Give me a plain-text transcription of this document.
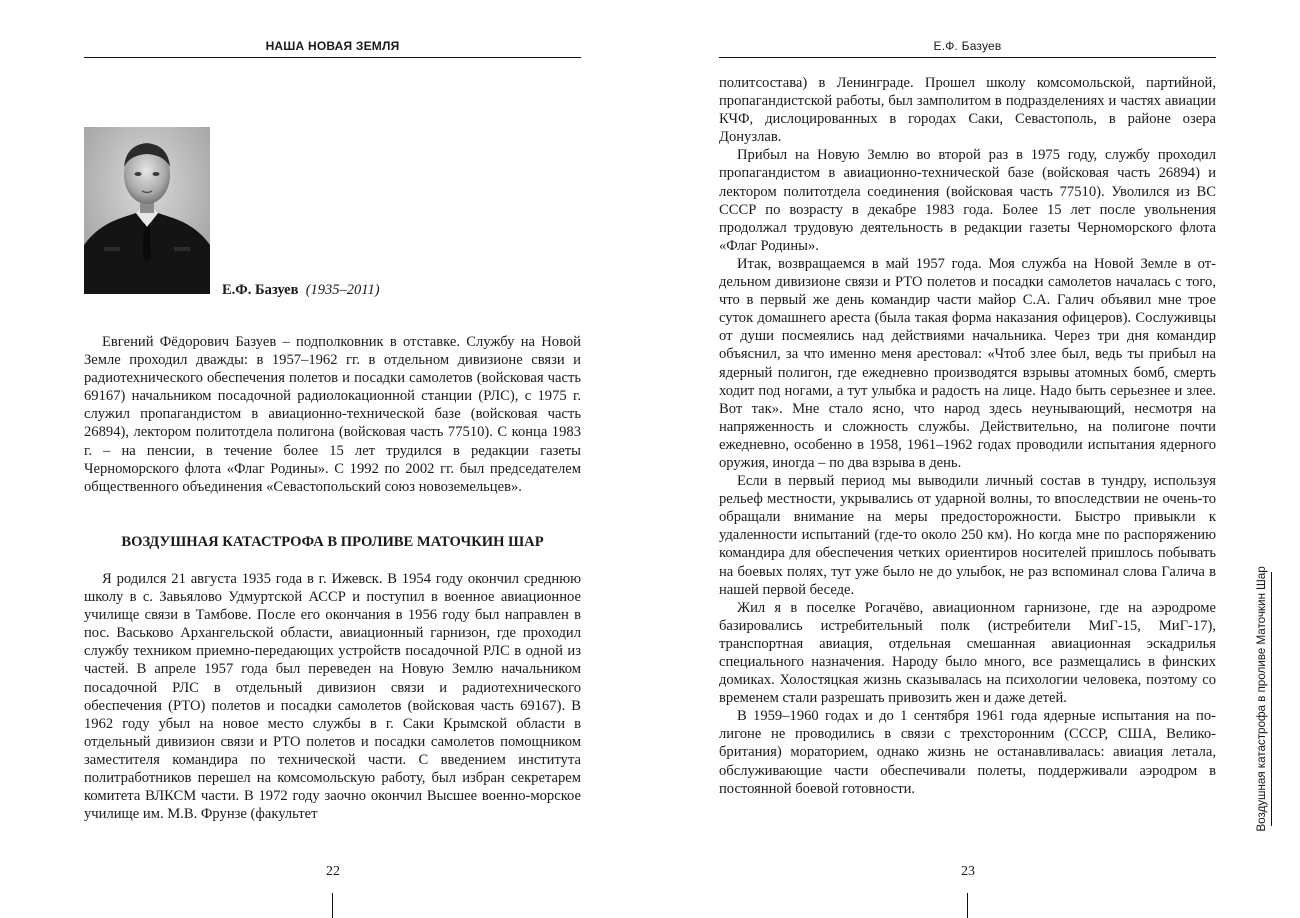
НАША НОВАЯ ЗЕМЛЯ
Е.Ф. Базуев (1935–2011)

Евгений Фёдорович Базуев – подполковник в отставке. Службу на Новой Земле проходил дважды: в 1957–1962 гг. в отдельном дивизионе связи и радиотехнического обеспечения полетов и посадки самолетов (войсковая часть 69167) начальником посадочной радиолокационной станции (РЛС), с 1975 г. служил пропагандистом в авиационно-технической базе (войсковая часть 26894), лектором политотдела полигона (войсковая часть 77510). С конца 1983 г. – на пенсии, в течение более 15 лет трудился в редакции газеты Черноморского флота «Флаг Родины». С 1992 по 2002 гг. был председателем общественного объединения «Севастопольский союз новоземельцев».

ВОЗДУШНАЯ КАТАСТРОФА В ПРОЛИВЕ МАТОЧКИН ШАР

Я родился 21 августа 1935 года в г. Ижевск. В 1954 году окончил среднюю школу в с. Завьялово Удмуртской АССР и поступил в военное авиационное училище связи в Тамбове. После его окончания в 1956 году был направлен в пос. Васьково Архангельской области, авиационный гарнизон, где проходил службу техником приемно-передающих устройств посадочной РЛС в одной из частей. В апреле 1957 года был переведен на Новую Землю начальником посадочной РЛС в отдельный дивизион связи и радиотехнического обеспечения (РТО) полетов и посадки самолетов (войсковая часть 69167). В 1962 году убыл на новое место службы в г. Саки Крымской области в отдельный дивизион связи и РТО полетов и посадки самолетов помощником заместителя командира по технической части. С введением института политработников перешел на комсомольскую работу, был избран секретарем комитета ВЛКСМ части. В 1972 году заочно окончил Высшее военно-морское училище им. М.В. Фрунзе (факультет

22
Е.Ф. Базуев

политсостава) в Ленинграде. Прошел школу комсомольской, партийной, пропагандистской работы, был замполитом в подразделениях и частях авиации КЧФ, дислоцированных в городах Саки, Севастополь, в районе озера Донузлав.

Прибыл на Новую Землю во второй раз в 1975 году, службу проходил пропагандистом в авиационно-технической базе (войсковая часть 26894) и лектором политотдела соединения (войсковая часть 77510). Уволился из ВС СССР по возрасту в декабре 1983 года. Более 15 лет после увольнения продолжал трудовую деятельность в редакции газеты Черноморского флота «Флаг Родины».

Итак, возвращаемся в май 1957 года. Моя служба на Новой Земле в отдельном дивизионе связи и РТО полетов и посадки самолетов началась с того, что в первый же день командир части майор С.А. Галич объявил мне трое суток домашнего ареста (была такая форма наказания офицеров). Сослуживцы от души посмеялись над действиями начальника. Через три дня командир объяснил, за что именно меня арестовал: «Чтоб злее был, ведь ты прибыл на ядерный полигон, где ежедневно производятся взрывы атомных бомб, смерть ходит под ногами, а тут улыбка и радость на лице. Надо быть серьезнее и злее. Вот так». Мне стало ясно, что народ здесь неунывающий, несмотря на напряженность и сложность службы. Действительно, на полигоне почти ежедневно, особенно в 1958, 1961–1962 годах проводили испытания ядерного оружия, иногда – по два взрыва в день.

Если в первый период мы выводили личный состав в тундру, используя рельеф местности, укрывались от ударной волны, то впоследствии не очень-то обращали внимание на меры предосторожности. Быстро привыкли к удаленности испытаний (где-то около 250 км). Но когда мне по распоряжению командира для обеспечения четких ориентиров носителей пришлось побывать на боевых полях, тут уже было не до улыбок, не раз вспоминал слова Галича в нашей первой беседе.

Жил я в поселке Рогачёво, авиационном гарнизоне, где на аэродроме базировались истребительный полк (истребители МиГ-15, МиГ-17), транспортная авиация, отдельная смешанная авиационная эскадрилья специального назначения. Народу было много, все размещались в финских домиках. Холостяцкая жизнь сказывалась на психологии человека, поэтому со временем стали разрешать привозить жен и даже детей.

В 1959–1960 годах и до 1 сентября 1961 года ядерные испытания на полигоне не проводились в связи с трехсторонним (СССР, США, Великобритания) мораторием, однако жизнь не останавливалась: авиация летала, обслуживающие части обеспечивали полеты, поддерживали аэродром в постоянной боевой готовности.

23
Воздушная катастрофа в проливе Маточкин Шар
